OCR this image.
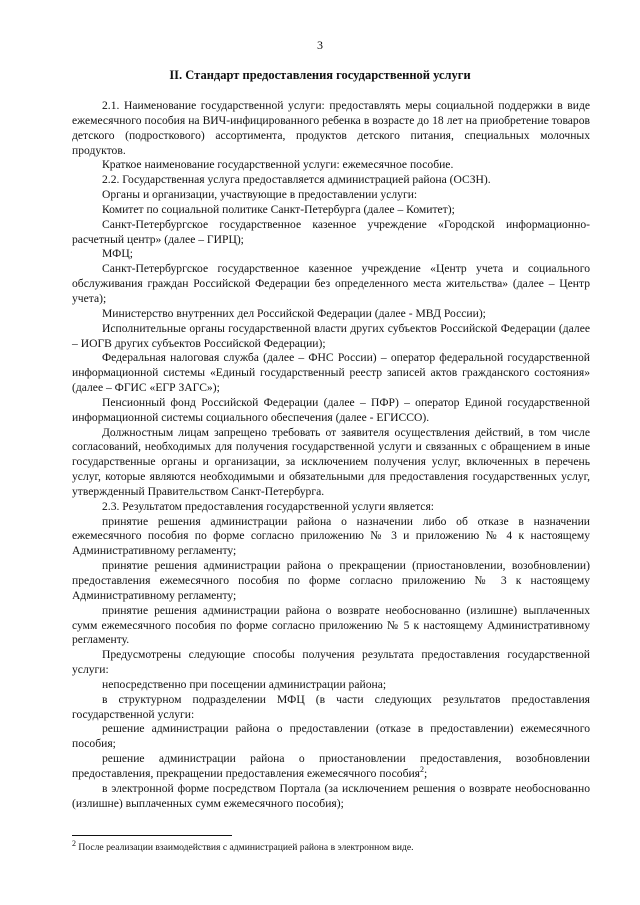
3
II. Стандарт предоставления государственной услуги

2.1. Наименование государственной услуги: предоставлять меры социальной поддержки в виде ежемесячного пособия на ВИЧ-инфицированного ребенка в возрасте до 18 лет на приобретение товаров детского (подросткового) ассортимента, продуктов детского питания, специальных молочных продуктов.

Краткое наименование государственной услуги: ежемесячное пособие.

2.2. Государственная услуга предоставляется администрацией района (ОСЗН).

Органы и организации, участвующие в предоставлении услуги:

Комитет по социальной политике Санкт-Петербурга (далее – Комитет);

Санкт-Петербургское государственное казенное учреждение «Городской информационно-расчетный центр» (далее – ГИРЦ);

МФЦ;

Санкт-Петербургское государственное казенное учреждение «Центр учета и социального обслуживания граждан Российской Федерации без определенного места жительства» (далее – Центр учета);

Министерство внутренних дел Российской Федерации (далее - МВД России);

Исполнительные органы государственной власти других субъектов Российской Федерации (далее – ИОГВ других субъектов Российской Федерации);

Федеральная налоговая служба (далее – ФНС России) – оператор федеральной государственной информационной системы «Единый государственный реестр записей актов гражданского состояния» (далее – ФГИС «ЕГР ЗАГС»);

Пенсионный фонд Российской Федерации (далее – ПФР) – оператор Единой государственной информационной системы социального обеспечения (далее - ЕГИССО).

Должностным лицам запрещено требовать от заявителя осуществления действий, в том числе согласований, необходимых для получения государственной услуги и связанных с обращением в иные государственные органы и организации, за исключением получения услуг, включенных в перечень услуг, которые являются необходимыми и обязательными для предоставления государственных услуг, утвержденный Правительством Санкт-Петербурга.

2.3. Результатом предоставления государственной услуги является:

принятие решения администрации района о назначении либо об отказе в назначении ежемесячного пособия по форме согласно приложению № 3 и приложению № 4 к настоящему Административному регламенту;

принятие решения администрации района о прекращении (приостановлении, возобновлении) предоставления ежемесячного пособия по форме согласно приложению № 3 к настоящему Административному регламенту;

принятие решения администрации района о возврате необоснованно (излишне) выплаченных сумм ежемесячного пособия по форме согласно приложению № 5 к настоящему Административному регламенту.

Предусмотрены следующие способы получения результата предоставления государственной услуги:

непосредственно при посещении администрации района;

в структурном подразделении МФЦ (в части следующих результатов предоставления государственной услуги:

решение администрации района о предоставлении (отказе в предоставлении) ежемесячного пособия;

решение администрации района о приостановлении предоставления, возобновлении предоставления, прекращении предоставления ежемесячного пособия$^2$;

в электронной форме посредством Портала (за исключением решения о возврате необоснованно (излишне) выплаченных сумм ежемесячного пособия);

$^2$ После реализации взаимодействия с администрацией района в электронном виде.
